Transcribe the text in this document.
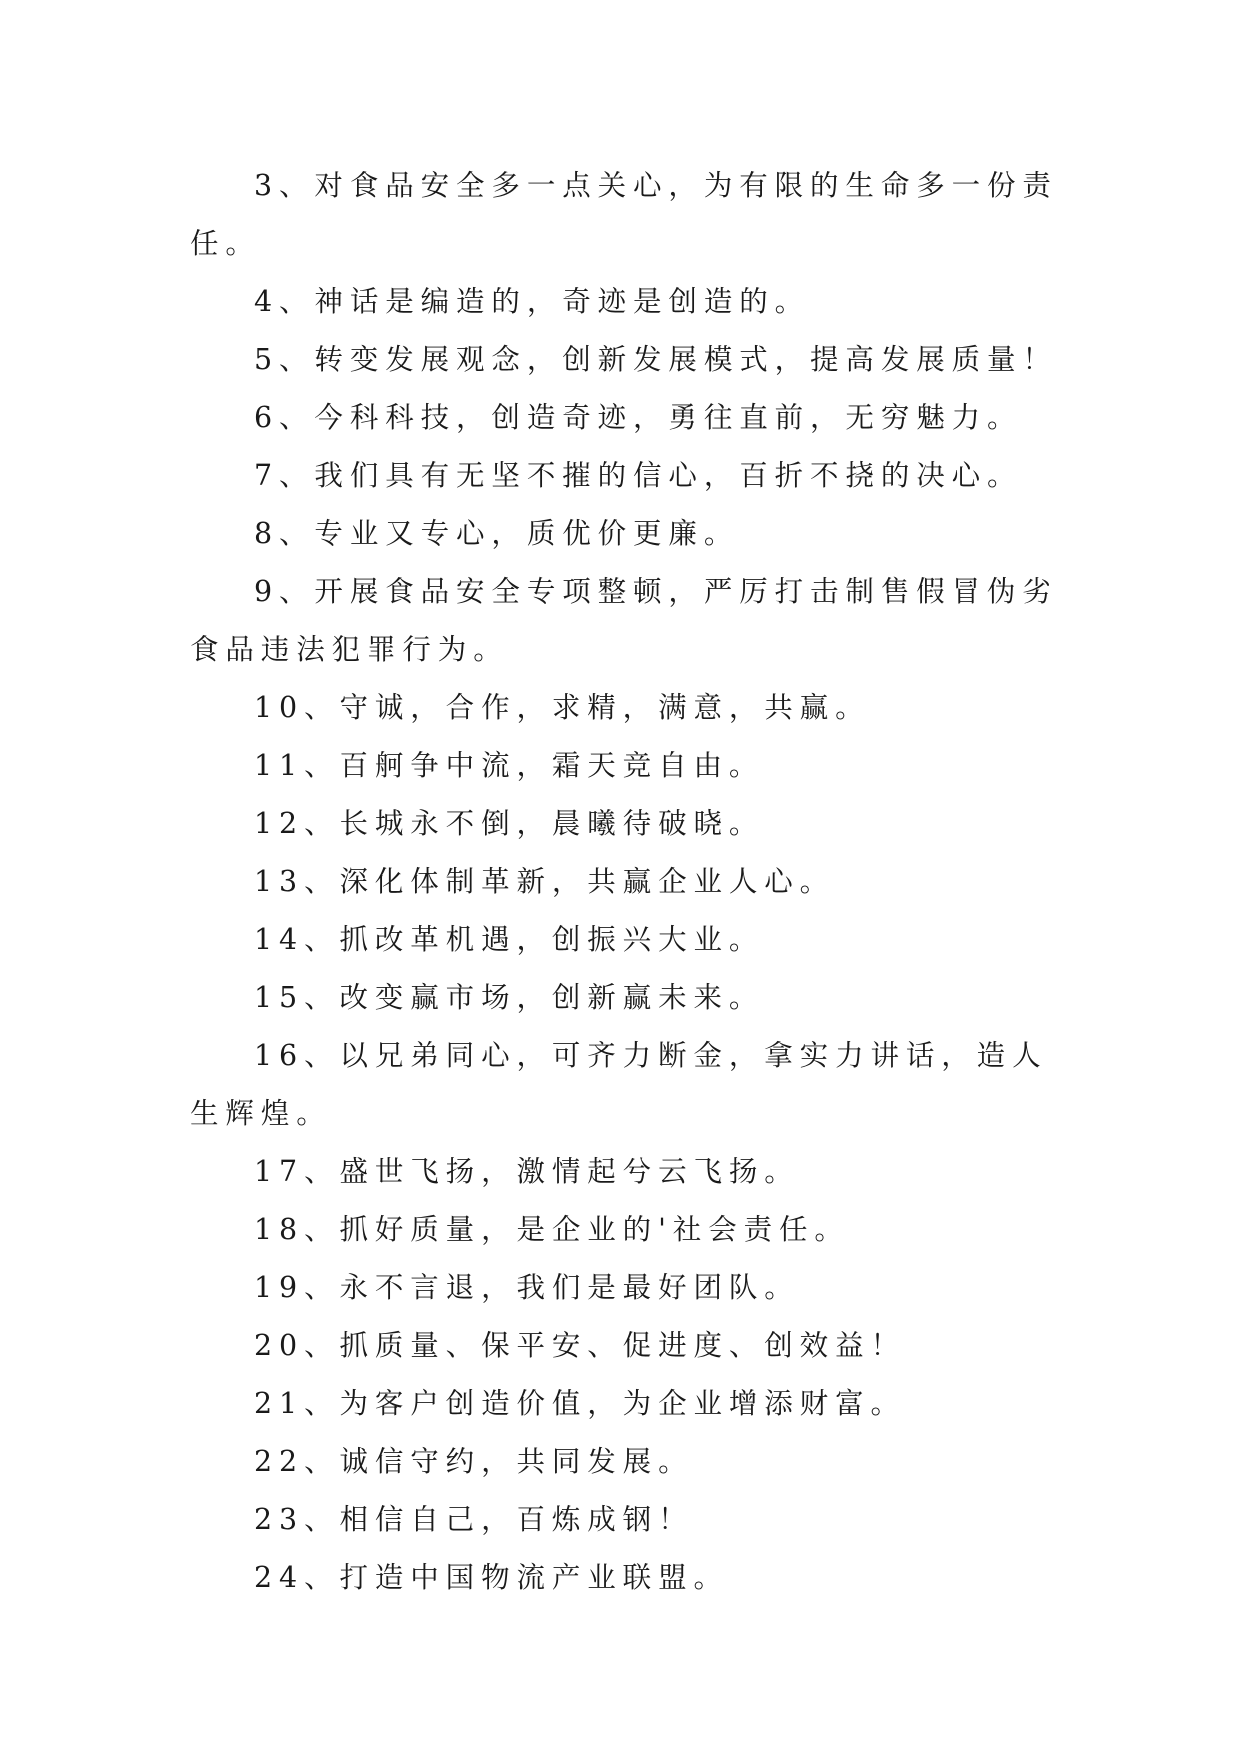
3、对食品安全多一点关心，为有限的生命多一份责任。

4、神话是编造的，奇迹是创造的。

5、转变发展观念，创新发展模式，提高发展质量！

6、今科科技，创造奇迹，勇往直前，无穷魅力。

7、我们具有无坚不摧的信心，百折不挠的决心。

8、专业又专心，质优价更廉。

9、开展食品安全专项整顿，严厉打击制售假冒伪劣食品违法犯罪行为。

10、守诚，合作，求精，满意，共赢。

11、百舸争中流，霜天竞自由。

12、长城永不倒，晨曦待破晓。

13、深化体制革新，共赢企业人心。

14、抓改革机遇，创振兴大业。

15、改变赢市场，创新赢未来。

16、以兄弟同心，可齐力断金，拿实力讲话，造人生辉煌。

17、盛世飞扬，激情起兮云飞扬。

18、抓好质量，是企业的'社会责任。

19、永不言退，我们是最好团队。

20、抓质量、保平安、促进度、创效益！

21、为客户创造价值，为企业增添财富。

22、诚信守约，共同发展。

23、相信自己，百炼成钢！

24、打造中国物流产业联盟。
